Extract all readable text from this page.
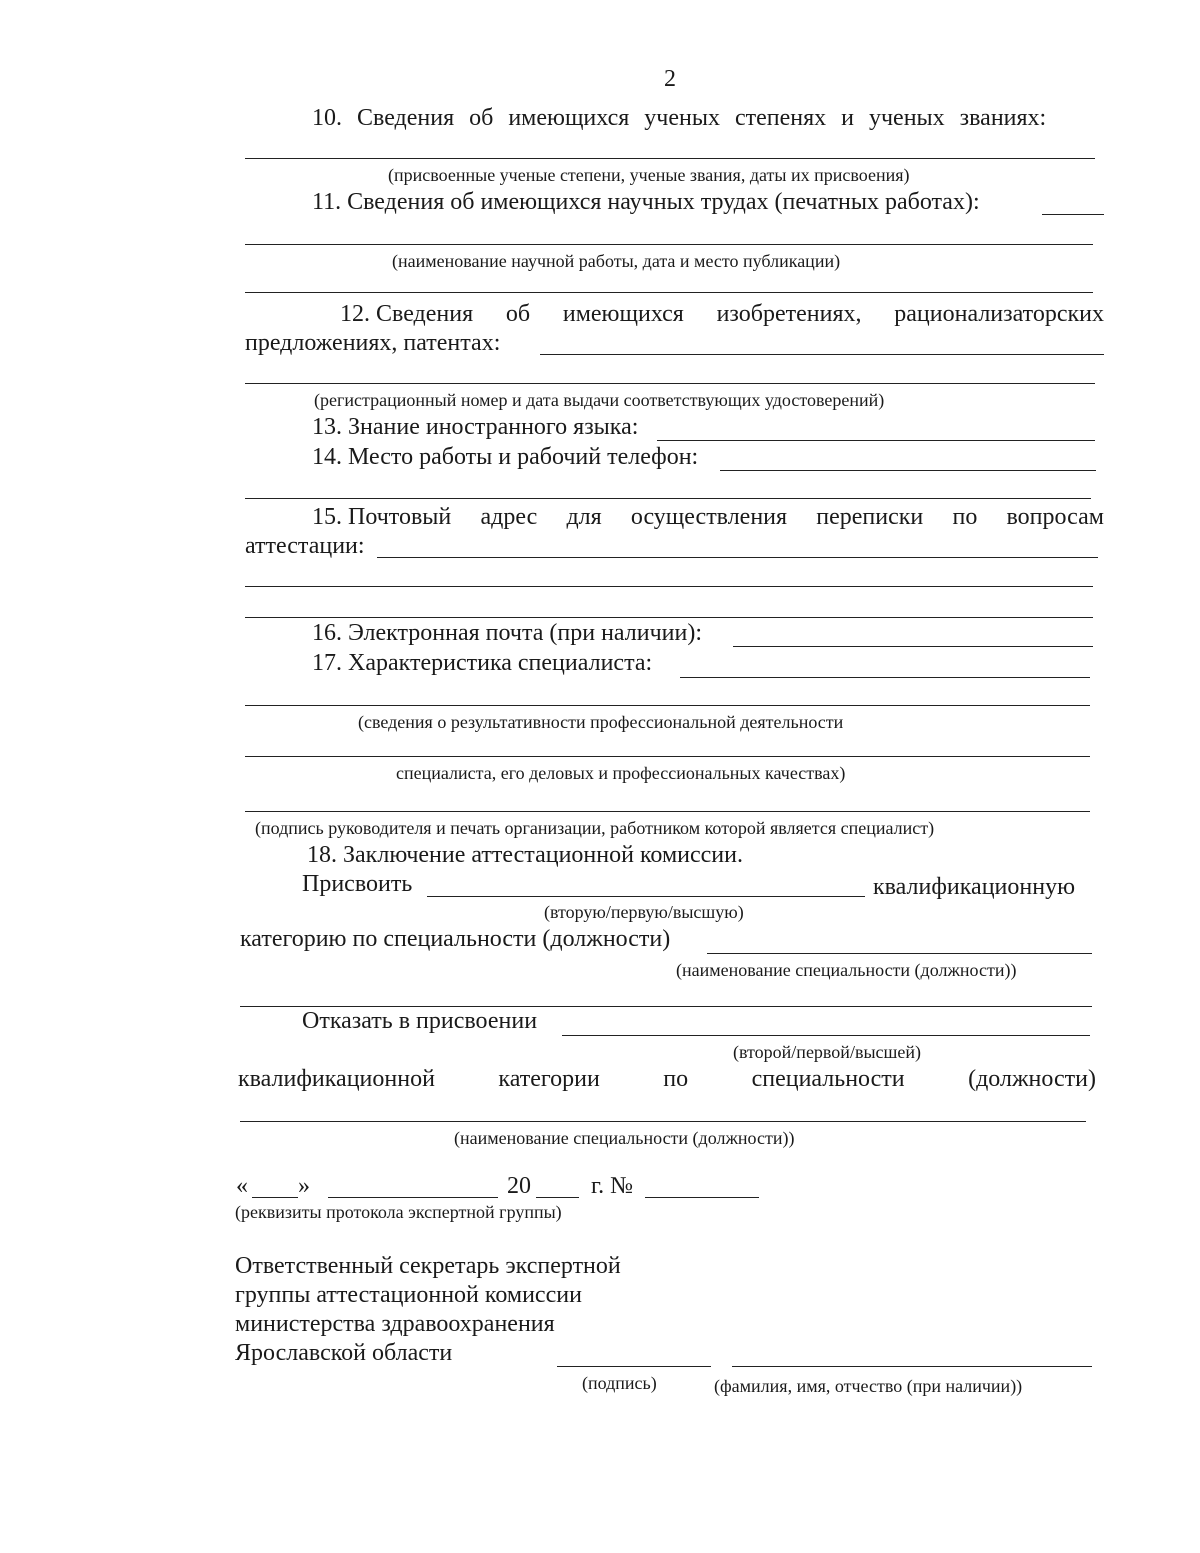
2
10. Сведения об имеющихся ученых степенях и ученых званиях:
(присвоенные ученые степени, ученые звания, даты их присвоения)
11. Сведения об имеющихся научных трудах (печатных работах):
(наименование научной работы, дата и место публикации)
12. Сведения об имеющихся изобретениях, рационализаторских
предложениях, патентах:
(регистрационный номер и дата выдачи соответствующих удостоверений)
13. Знание иностранного языка:
14. Место работы и рабочий телефон:
15. Почтовый адрес для осуществления переписки по вопросам
аттестации:
16. Электронная почта (при наличии):
17. Характеристика специалиста:
(сведения о результативности профессиональной деятельности
специалиста, его деловых и профессиональных качествах)
(подпись руководителя и печать организации, работником которой является специалист)
18. Заключение аттестационной комиссии.
Присвоить	квалификационную
(вторую/первую/высшую)
категорию по специальности (должности)
(наименование специальности (должности))
Отказать в присвоении
(второй/первой/высшей)
квалификационной	категории	по	специальности	(должности)
(наименование специальности (должности))
« »	20	г. №
(реквизиты протокола экспертной группы)
Ответственный секретарь экспертной
группы аттестационной комиссии
министерства здравоохранения
Ярославской области
(подпись)	(фамилия, имя, отчество (при наличии))
